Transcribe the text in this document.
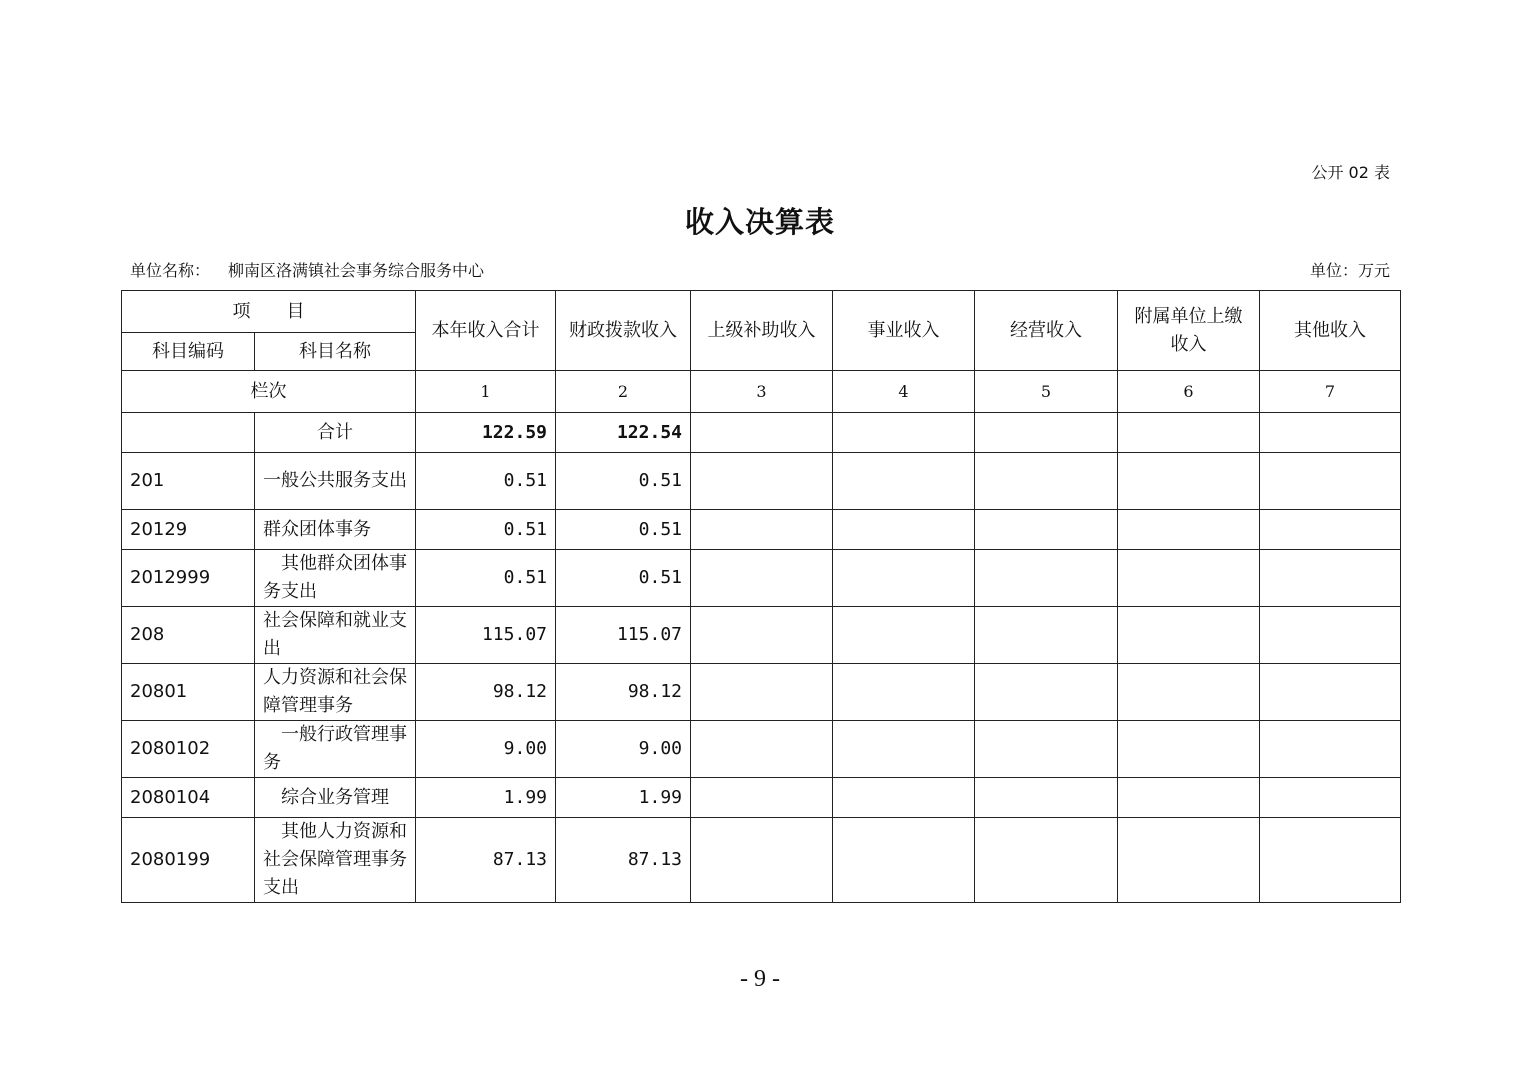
公开 02 表
收入决算表
单位名称： 柳南区洛满镇社会事务综合服务中心	单位：万元
项　　目		本年收入合计	财政拨款收入	上级补助收入	事业收入	经营收入	附属单位上缴收入	其他收入
科目编码	科目名称							
栏次		1	2	3	4	5	6	7
	合计	122.59	122.54					
201	一般公共服务支出	0.51	0.51					
20129	群众团体事务	0.51	0.51					
2012999	　其他群众团体事务支出	0.51	0.51					
208	社会保障和就业支出	115.07	115.07					
20801	人力资源和社会保障管理事务	98.12	98.12					
2080102	　一般行政管理事务	9.00	9.00					
2080104	　综合业务管理	1.99	1.99					
2080199	　其他人力资源和社会保障管理事务支出	87.13	87.13					
- 9 -
